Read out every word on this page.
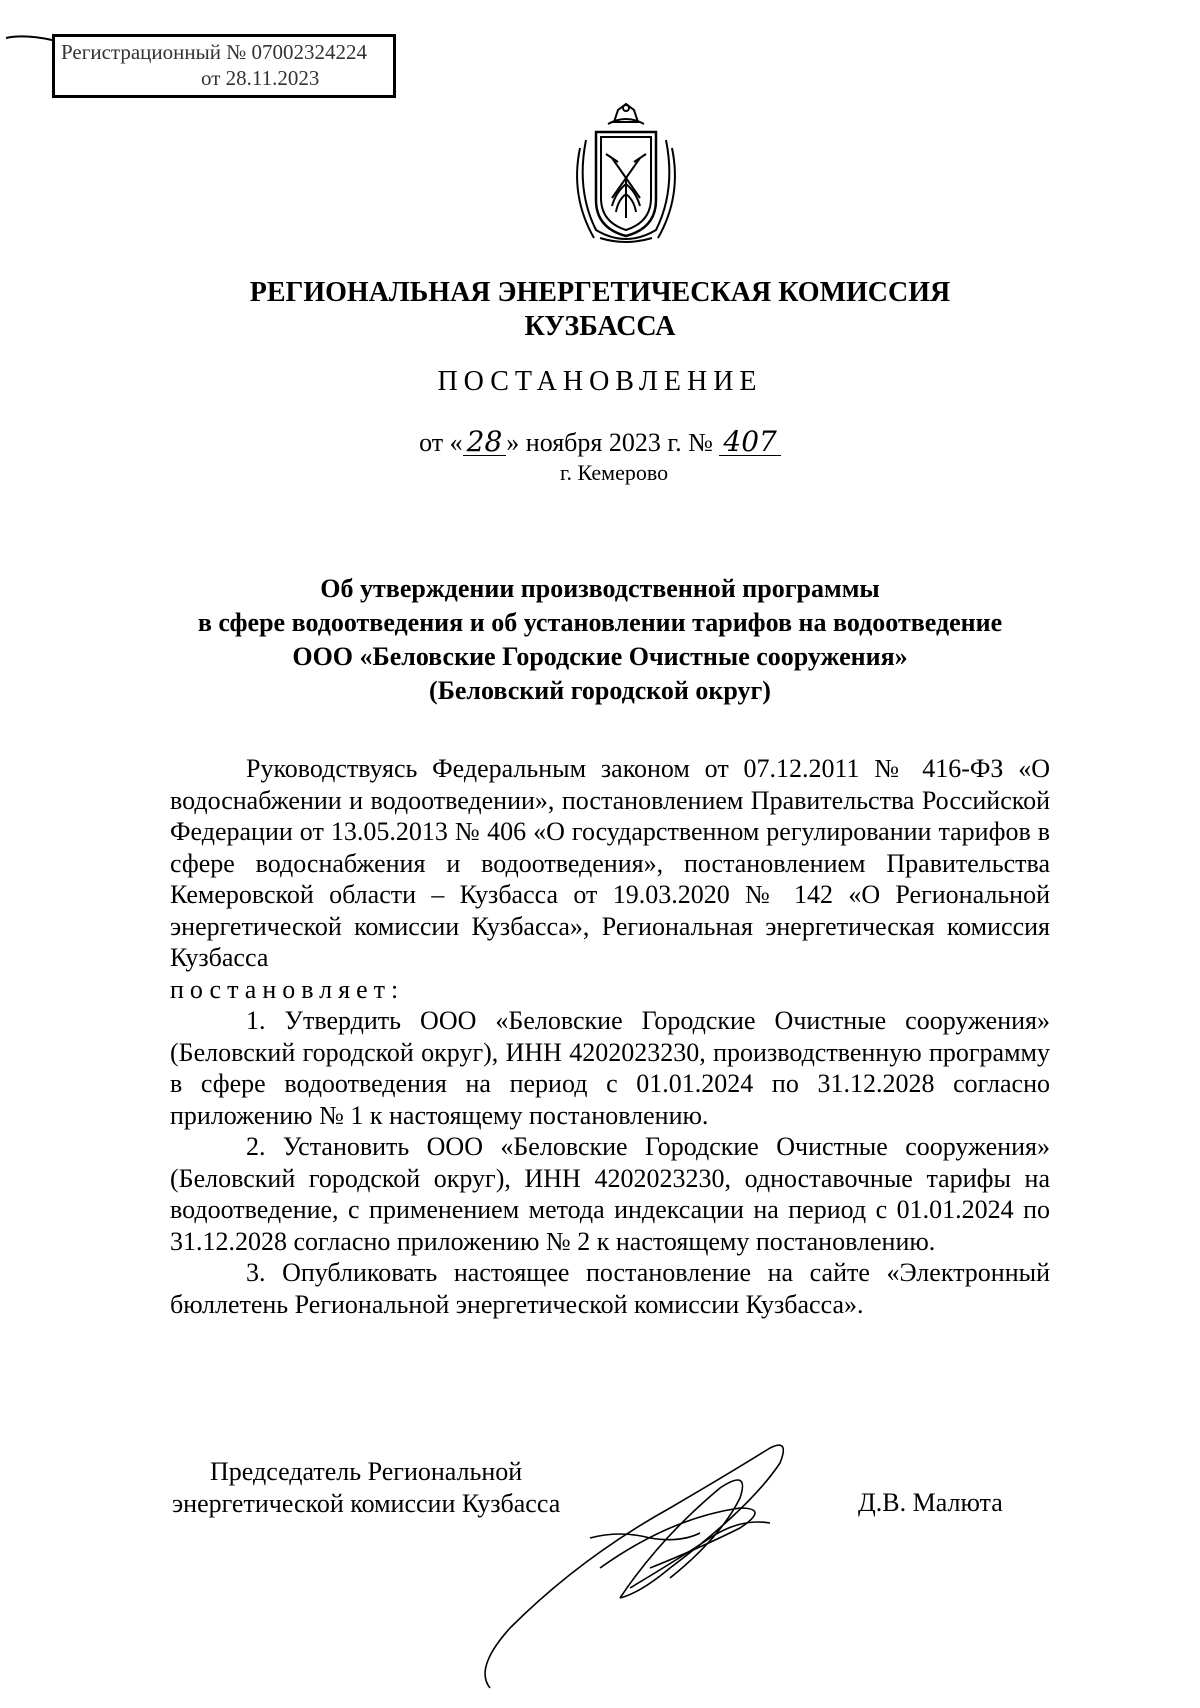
Регистрационный № 07002324224
от 28.11.2023
РЕГИОНАЛЬНАЯ ЭНЕРГЕТИЧЕСКАЯ КОМИССИЯ
КУЗБАССА
ПОСТАНОВЛЕНИЕ
от « 28 » ноября 2023 г. № 407
г. Кемерово
Об утверждении производственной программы
в сфере водоотведения и об установлении тарифов на водоотведение
ООО «Беловские Городские Очистные сооружения»
(Беловский городской округ)

Руководствуясь Федеральным законом от 07.12.2011 № 416-ФЗ «О водоснабжении и водоотведении», постановлением Правительства Российской Федерации от 13.05.2013 № 406 «О государственном регулировании тарифов в сфере водоснабжения и водоотведения», постановлением Правительства Кемеровской области – Кузбасса от 19.03.2020 № 142 «О Региональной энергетической комиссии Кузбасса», Региональная энергетическая комиссия Кузбасса

постановляет:

1. Утвердить ООО «Беловские Городские Очистные сооружения» (Беловский городской округ), ИНН 4202023230, производственную программу в сфере водоотведения на период с 01.01.2024 по 31.12.2028 согласно приложению № 1 к настоящему постановлению.

2. Установить ООО «Беловские Городские Очистные сооружения» (Беловский городской округ), ИНН 4202023230, одноставочные тарифы на водоотведение, с применением метода индексации на период с 01.01.2024 по 31.12.2028 согласно приложению № 2 к настоящему постановлению.

3. Опубликовать настоящее постановление на сайте «Электронный бюллетень Региональной энергетической комиссии Кузбасса».

Председатель Региональной
энергетической комиссии Кузбасса	Д.В. Малюта
